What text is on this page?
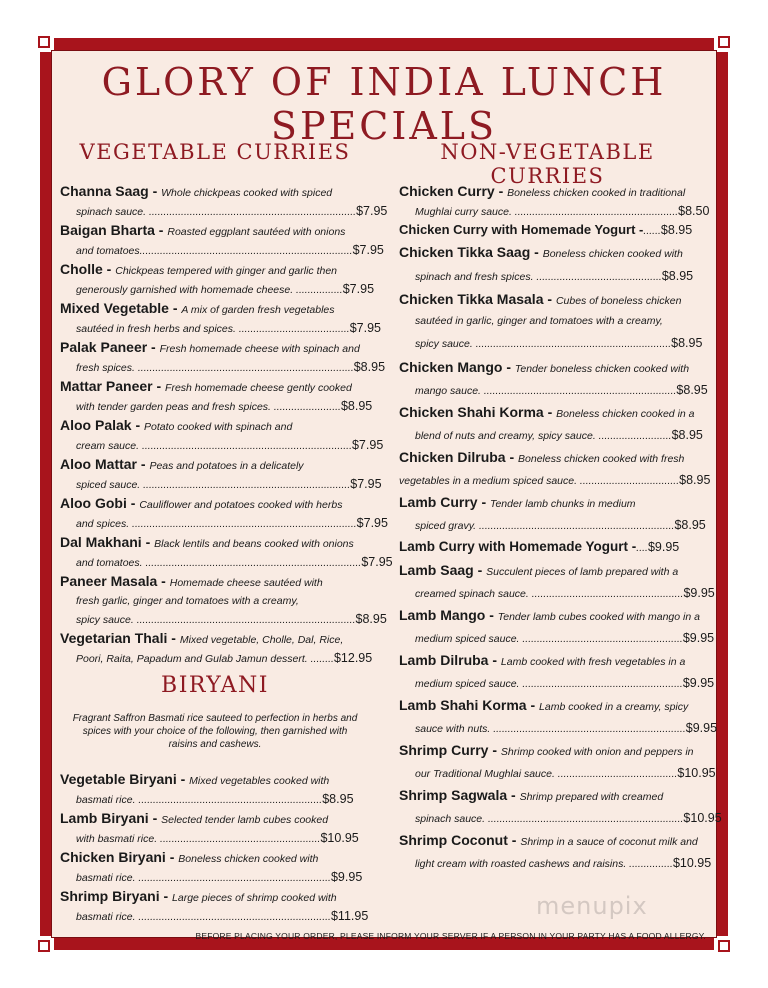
GLORY OF INDIA LUNCH SPECIALS
VEGETABLE CURRIES	NON-VEGETABLE CURRIES
Channa Saag - Whole chickpeas cooked with spiced
spinach sauce. .......................................................................$7.95
Baigan Bharta - Roasted eggplant sautéed with onions
and tomatoes.........................................................................$7.95
Cholle - Chickpeas tempered with ginger and garlic then
generously garnished with homemade cheese. ................$7.95
Mixed Vegetable - A mix of garden fresh vegetables
sautéed in fresh herbs and spices. ......................................$7.95
Palak Paneer - Fresh homemade cheese with spinach and
fresh spices. ..........................................................................$8.95
Mattar Paneer - Fresh homemade cheese gently cooked
with tender garden peas and fresh spices. .......................$8.95
Aloo Palak - Potato cooked with spinach and
cream sauce. ........................................................................$7.95
Aloo Mattar - Peas and potatoes in a delicately
spiced sauce. .......................................................................$7.95
Aloo Gobi - Cauliflower and potatoes cooked with herbs
and spices. .............................................................................$7.95
Dal Makhani - Black lentils and beans cooked with onions
and tomatoes. ..........................................................................$7.95
Paneer Masala - Homemade cheese sautéed with
fresh garlic, ginger and tomatoes with a creamy,
spicy sauce. ...........................................................................$8.95
Vegetarian Thali - Mixed vegetable, Cholle, Dal, Rice,
Poori, Raita, Papadum and Gulab Jamun dessert. ........$12.95
BIRYANI
Fragrant Saffron Basmati rice sauteed to perfection in herbs and spices with your choice of the following, then garnished with raisins and cashews.
Vegetable Biryani - Mixed vegetables cooked with
basmati rice. ...............................................................$8.95
Lamb Biryani - Selected tender lamb cubes cooked
with basmati rice. .......................................................$10.95
Chicken Biryani - Boneless chicken cooked with
basmati rice. ..................................................................$9.95
Shrimp Biryani - Large pieces of shrimp cooked with
basmati rice. ..................................................................$11.95
Chicken Curry - Boneless chicken cooked in traditional
Mughlai curry sauce. ........................................................$8.50
Chicken Curry with Homemade Yogurt -......$8.95
Chicken Tikka Saag - Boneless chicken cooked with
spinach and fresh spices. ...........................................$8.95
Chicken Tikka Masala - Cubes of boneless chicken
sautéed in garlic, ginger and tomatoes with a creamy,
spicy sauce. ...................................................................$8.95
Chicken Mango - Tender boneless chicken cooked with
mango sauce. ..................................................................$8.95
Chicken Shahi Korma - Boneless chicken cooked in a
blend of nuts and creamy, spicy sauce. .........................$8.95
Chicken Dilruba - Boneless chicken cooked with fresh
vegetables in a medium spiced sauce. ..................................$8.95
Lamb Curry - Tender lamb chunks in medium
spiced gravy. ...................................................................$8.95
Lamb Curry with Homemade Yogurt -....$9.95
Lamb Saag - Succulent pieces of lamb prepared with a
creamed spinach sauce. ....................................................$9.95
Lamb Mango - Tender lamb cubes cooked with mango in a
medium spiced sauce. .......................................................$9.95
Lamb Dilruba - Lamb cooked with fresh vegetables in a
medium spiced sauce. .......................................................$9.95
Lamb Shahi Korma - Lamb cooked in a creamy, spicy
sauce with nuts. ..................................................................$9.95
Shrimp Curry - Shrimp cooked with onion and peppers in
our Traditional Mughlai sauce. .........................................$10.95
Shrimp Sagwala - Shrimp prepared with creamed
spinach sauce. ...................................................................$10.95
Shrimp Coconut - Shrimp in a sauce of coconut milk and
light cream with roasted cashews and raisins. ...............$10.95
menupix
BEFORE PLACING YOUR ORDER, PLEASE INFORM YOUR SERVER IF A PERSON IN YOUR PARTY HAS A FOOD ALLERGY.
